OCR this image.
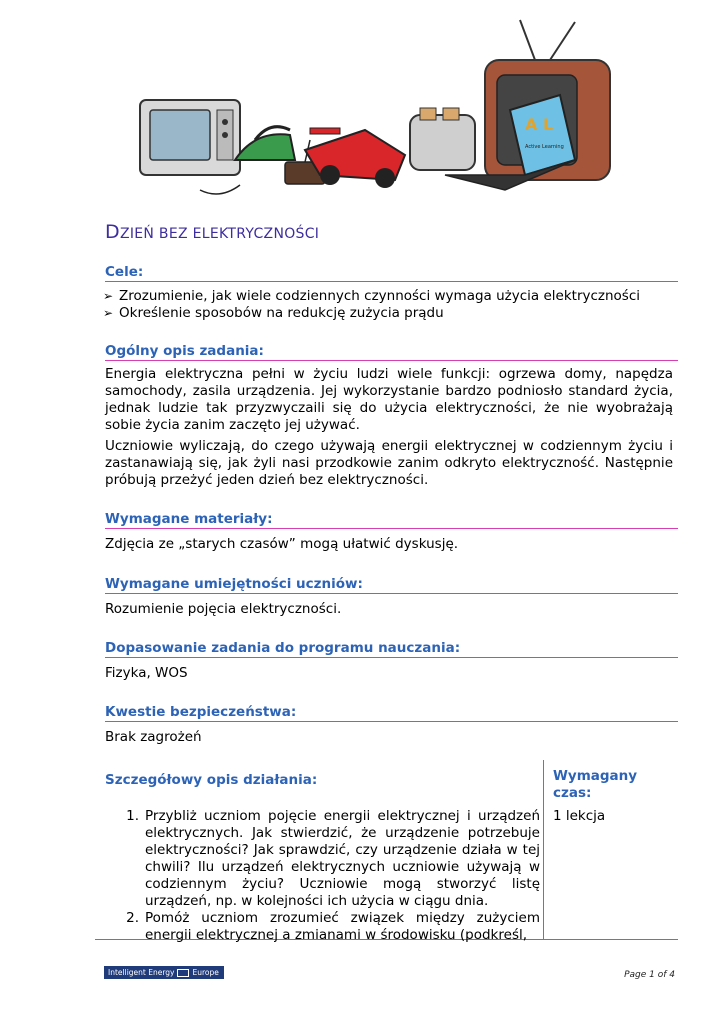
A L
Active Learning
DZIEŃ BEZ ELEKTRYCZNOŚCI
Cele:
➢ Zrozumienie, jak wiele codziennych czynności wymaga użycia elektryczności
➢ Określenie sposobów na redukcję zużycia prądu
Ogólny opis zadania:
Energia elektryczna pełni w życiu ludzi wiele funkcji: ogrzewa domy, napędza samochody, zasila urządzenia. Jej wykorzystanie bardzo podniosło standard życia, jednak ludzie tak przyzwyczaili się do użycia elektryczności, że nie wyobrażają sobie życia zanim zaczęto jej używać.
Uczniowie wyliczają, do czego używają energii elektrycznej w codziennym życiu i zastanawiają się, jak żyli nasi przodkowie zanim odkryto elektryczność. Następnie próbują przeżyć jeden dzień bez elektryczności.
Wymagane materiały:
Zdjęcia ze „starych czasów” mogą ułatwić dyskusję.
Wymagane umiejętności uczniów:
Rozumienie pojęcia elektryczności.
Dopasowanie zadania do programu nauczania:
Fizyka, WOS
Kwestie bezpieczeństwa:
Brak zagrożeń
Szczegółowy opis działania:
1. Przybliż uczniom pojęcie energii elektrycznej i urządzeń elektrycznych. Jak stwierdzić, że urządzenie potrzebuje elektryczności? Jak sprawdzić, czy urządzenie działa w tej chwili? Ilu urządzeń elektrycznych uczniowie używają w codziennym życiu? Uczniowie mogą stworzyć listę urządzeń, np. w kolejności ich użycia w ciągu dnia.
2. Pomóż uczniom zrozumieć związek między zużyciem energii elektrycznej a zmianami w środowisku (podkreśl,
Wymagany
czas:
1 lekcja
Intelligent Energy Europe	Page 1 of 4
